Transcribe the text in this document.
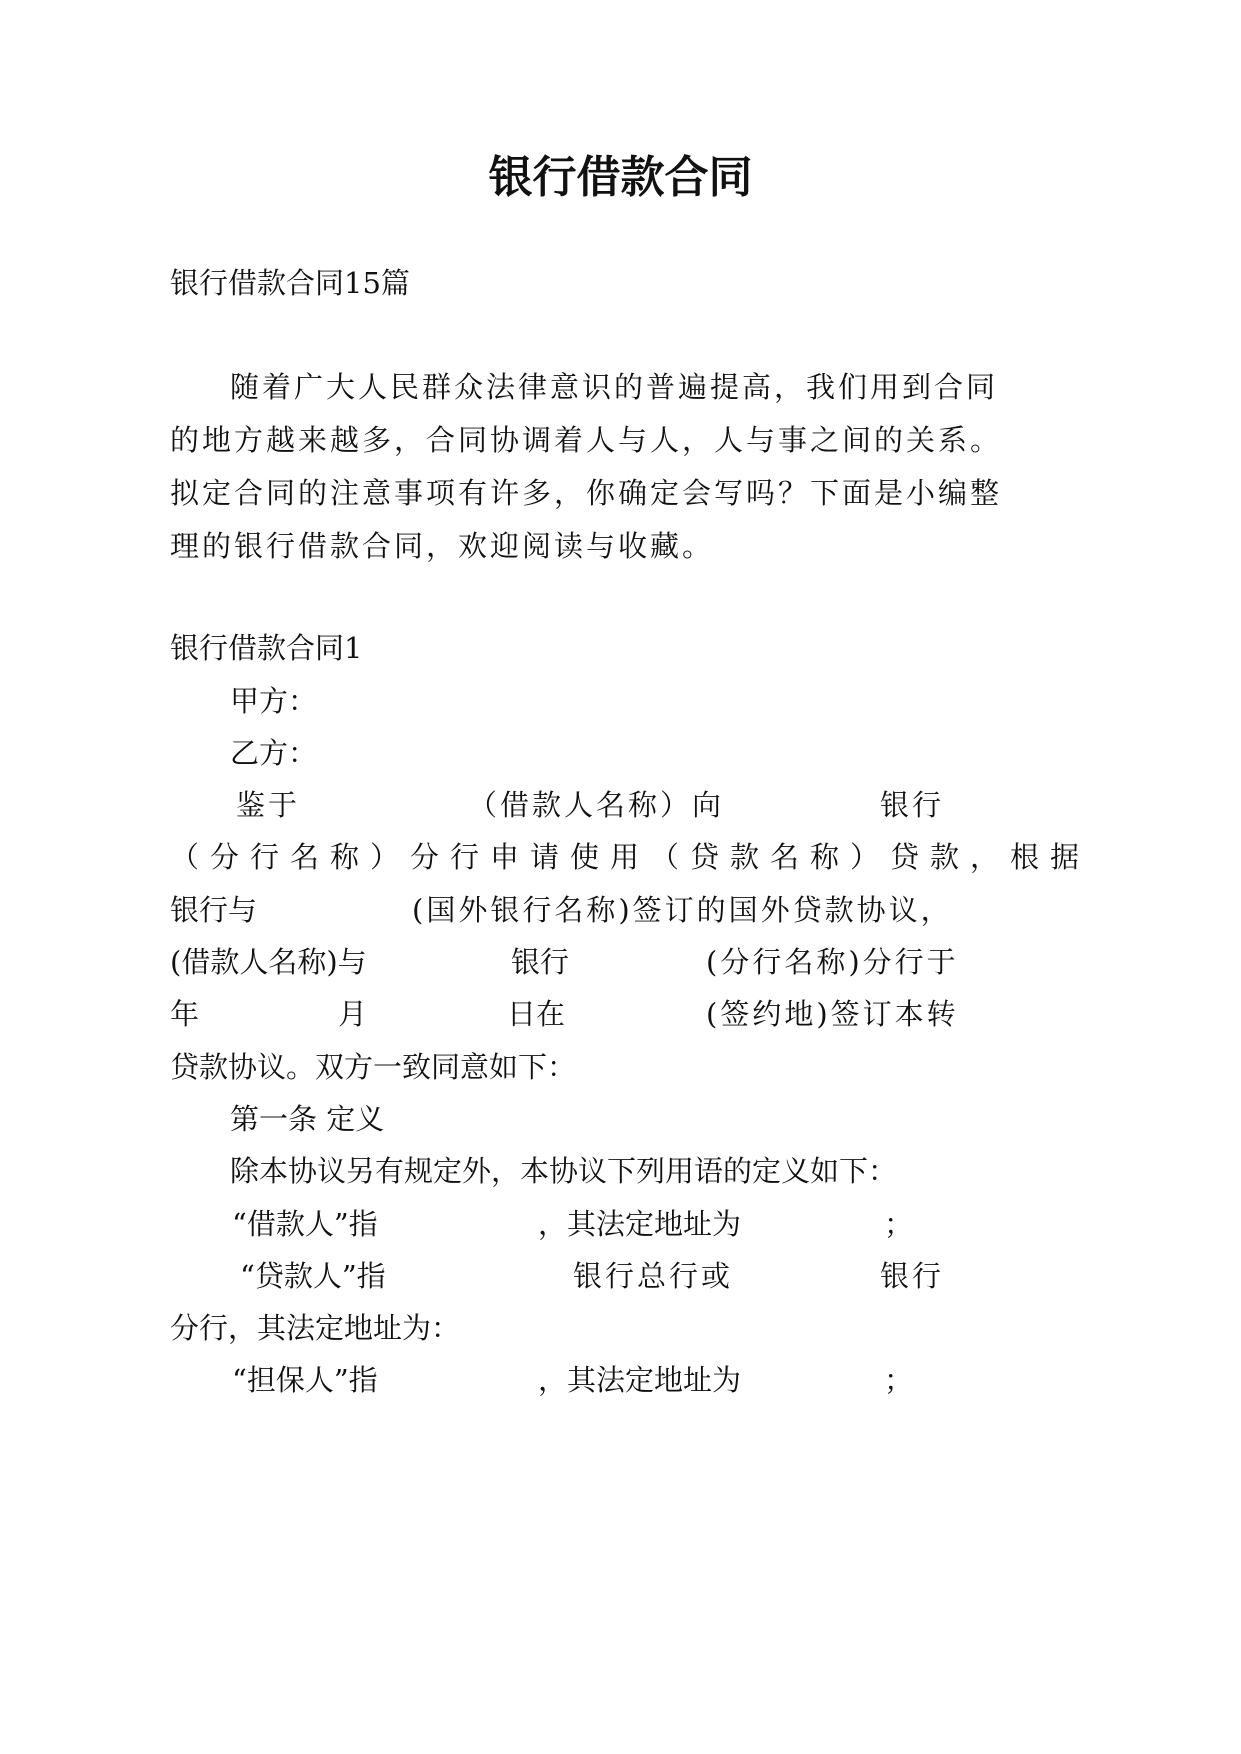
银行借款合同
银行借款合同15篇
随着广大人民群众法律意识的普遍提高，我们用到合同
的地方越来越多，合同协调着人与人，人与事之间的关系。
拟定合同的注意事项有许多，你确定会写吗？下面是小编整
理的银行借款合同，欢迎阅读与收藏。
银行借款合同1
甲方：
乙方：
鉴于	（借款人名称）向	银行
（分行名称）分行申请使用（贷款名称）贷款，根据
银行与	(国外银行名称)签订的国外贷款协议，
(借款人名称)与	银行	(分行名称)分行于
年	月	日在	(签约地)签订本转
贷款协议。双方一致同意如下：
第一条 定义
除本协议另有规定外，本协议下列用语的定义如下：
“借款人”指	，其法定地址为	；
“贷款人”指	银行总行或	银行
分行，其法定地址为：
“担保人”指	，其法定地址为	；
